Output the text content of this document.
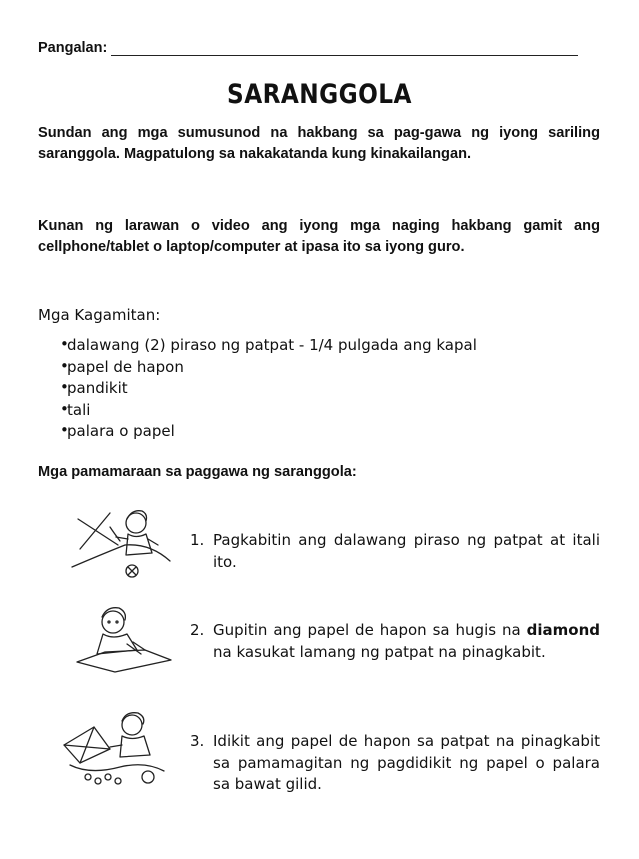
Pangalan:
SARANGGOLA
Sundan ang mga sumusunod na hakbang sa pag-gawa ng iyong sariling saranggola. Magpatulong sa nakakatanda kung kinakailangan.
Kunan ng larawan o video ang iyong mga naging hakbang gamit ang cellphone/tablet o laptop/computer at ipasa ito sa iyong guro.
Mga Kagamitan:
• dalawang (2) piraso ng patpat - 1/4 pulgada ang kapal
• papel de hapon
• pandikit
• tali
• palara o papel
Mga pamamaraan sa paggawa ng saranggola:
1. Pagkabitin ang dalawang piraso ng patpat at itali ito.
2. Gupitin ang papel de hapon sa hugis na diamond na kasukat lamang ng patpat na pinagkabit.
3. Idikit ang papel de hapon sa patpat na pinagkabit sa pamamagitan ng pagdidikit ng papel o palara sa bawat gilid.
